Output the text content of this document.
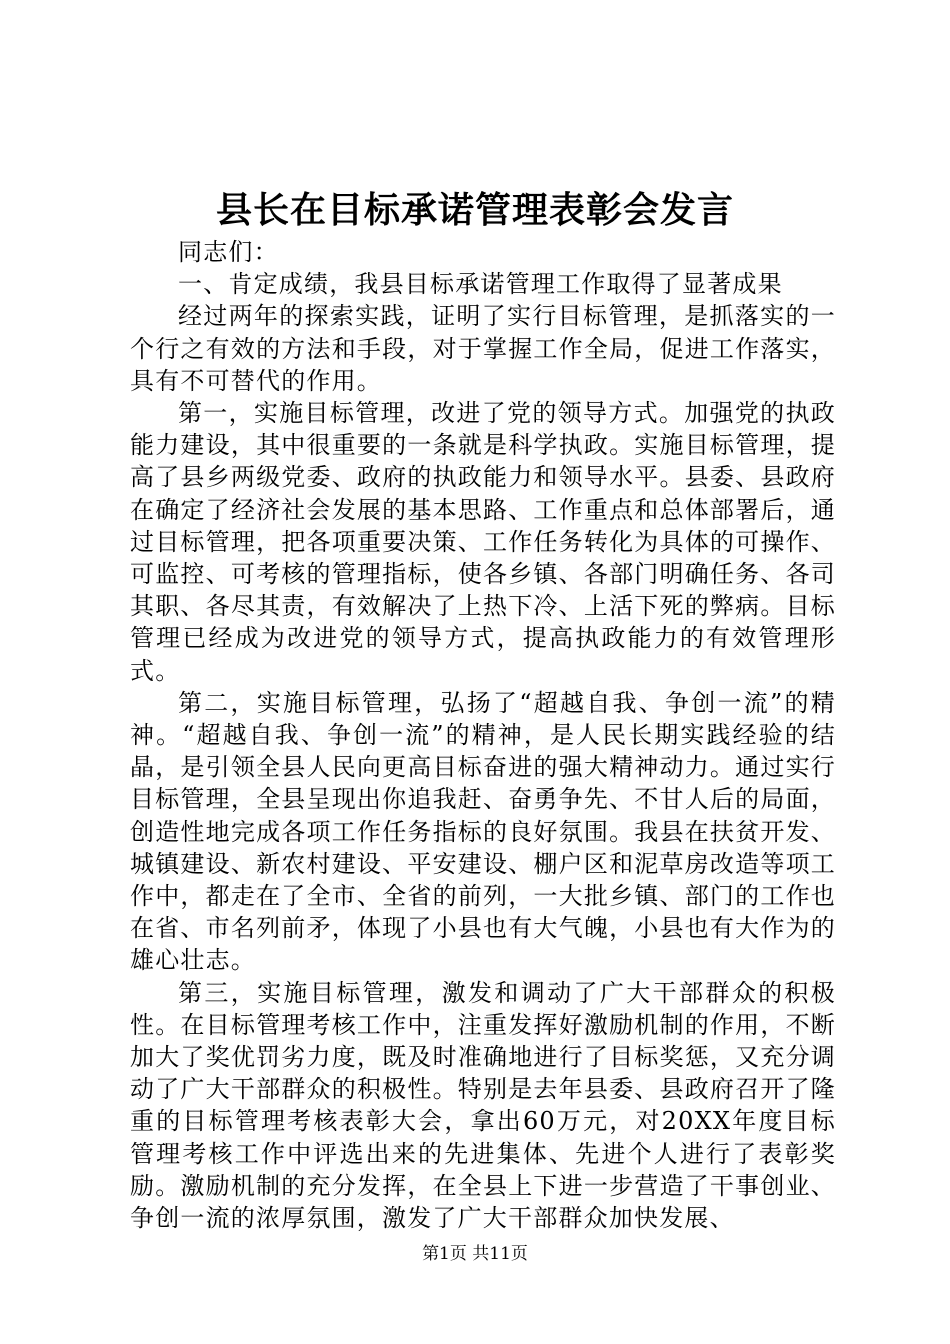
县长在目标承诺管理表彰会发言

同志们：

一、肯定成绩，我县目标承诺管理工作取得了显著成果

经过两年的探索实践，证明了实行目标管理，是抓落实的一个行之有效的方法和手段，对于掌握工作全局，促进工作落实，具有不可替代的作用。

第一，实施目标管理，改进了党的领导方式。加强党的执政能力建设，其中很重要的一条就是科学执政。实施目标管理，提高了县乡两级党委、政府的执政能力和领导水平。县委、县政府在确定了经济社会发展的基本思路、工作重点和总体部署后，通过目标管理，把各项重要决策、工作任务转化为具体的可操作、可监控、可考核的管理指标，使各乡镇、各部门明确任务、各司其职、各尽其责，有效解决了上热下冷、上活下死的弊病。目标管理已经成为改进党的领导方式，提高执政能力的有效管理形式。

第二，实施目标管理，弘扬了“超越自我、争创一流”的精神。“超越自我、争创一流”的精神，是人民长期实践经验的结晶，是引领全县人民向更高目标奋进的强大精神动力。通过实行目标管理，全县呈现出你追我赶、奋勇争先、不甘人后的局面，创造性地完成各项工作任务指标的良好氛围。我县在扶贫开发、城镇建设、新农村建设、平安建设、棚户区和泥草房改造等项工作中，都走在了全市、全省的前列，一大批乡镇、部门的工作也在省、市名列前矛，体现了小县也有大气魄，小县也有大作为的雄心壮志。

第三，实施目标管理，激发和调动了广大干部群众的积极性。在目标管理考核工作中，注重发挥好激励机制的作用，不断加大了奖优罚劣力度，既及时准确地进行了目标奖惩，又充分调动了广大干部群众的积极性。特别是去年县委、县政府召开了隆重的目标管理考核表彰大会，拿出60万元，对20XX年度目标管理考核工作中评选出来的先进集体、先进个人进行了表彰奖励。激励机制的充分发挥，在全县上下进一步营造了干事创业、争创一流的浓厚氛围，激发了广大干部群众加快发展、

第1页 共11页
